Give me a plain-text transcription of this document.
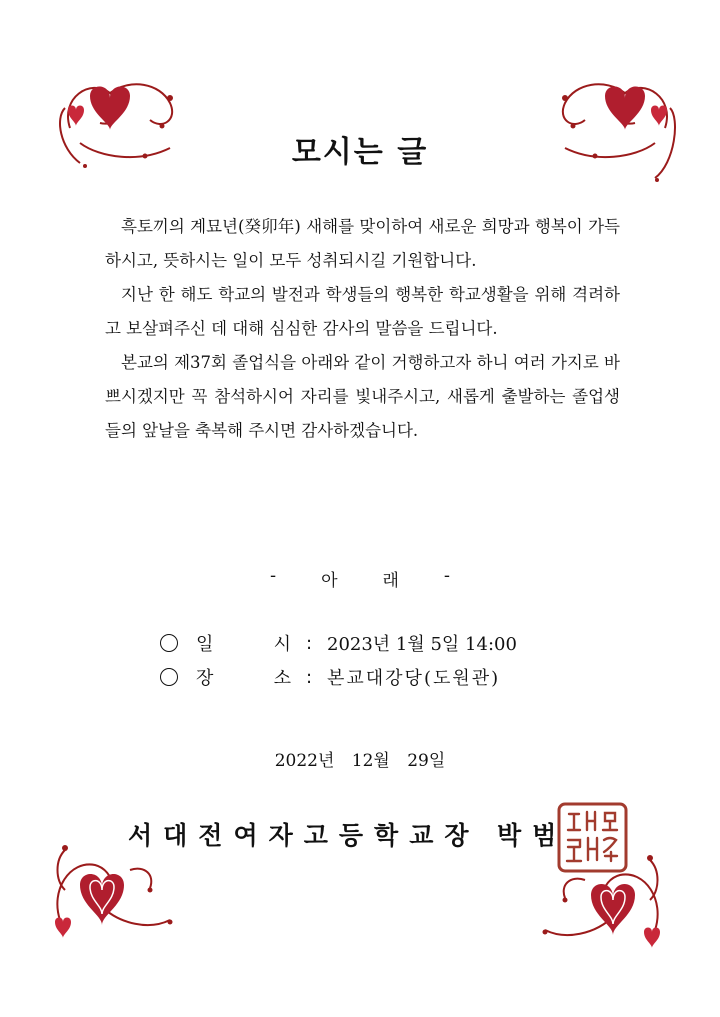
모시는 글

흑토끼의 계묘년(癸卯年) 새해를 맞이하여 새로운 희망과 행복이 가득하시고, 뜻하시는 일이 모두 성취되시길 기원합니다.

지난 한 해도 학교의 발전과 학생들의 행복한 학교생활을 위해 격려하고 보살펴주신 데 대해 심심한 감사의 말씀을 드립니다.

본교의 제37회 졸업식을 아래와 같이 거행하고자 하니 여러 가지로 바쁘시겠지만 꼭 참석하시어 자리를 빛내주시고, 새롭게 출발하는 졸업생들의 앞날을 축복해 주시면 감사하겠습니다.

-	아	래	-
일	시 : 2023년 1월 5일 14:00
장	소 : 본교대강당(도원관)
2022년 12월 29일
서대전여자고등학교장 박범
